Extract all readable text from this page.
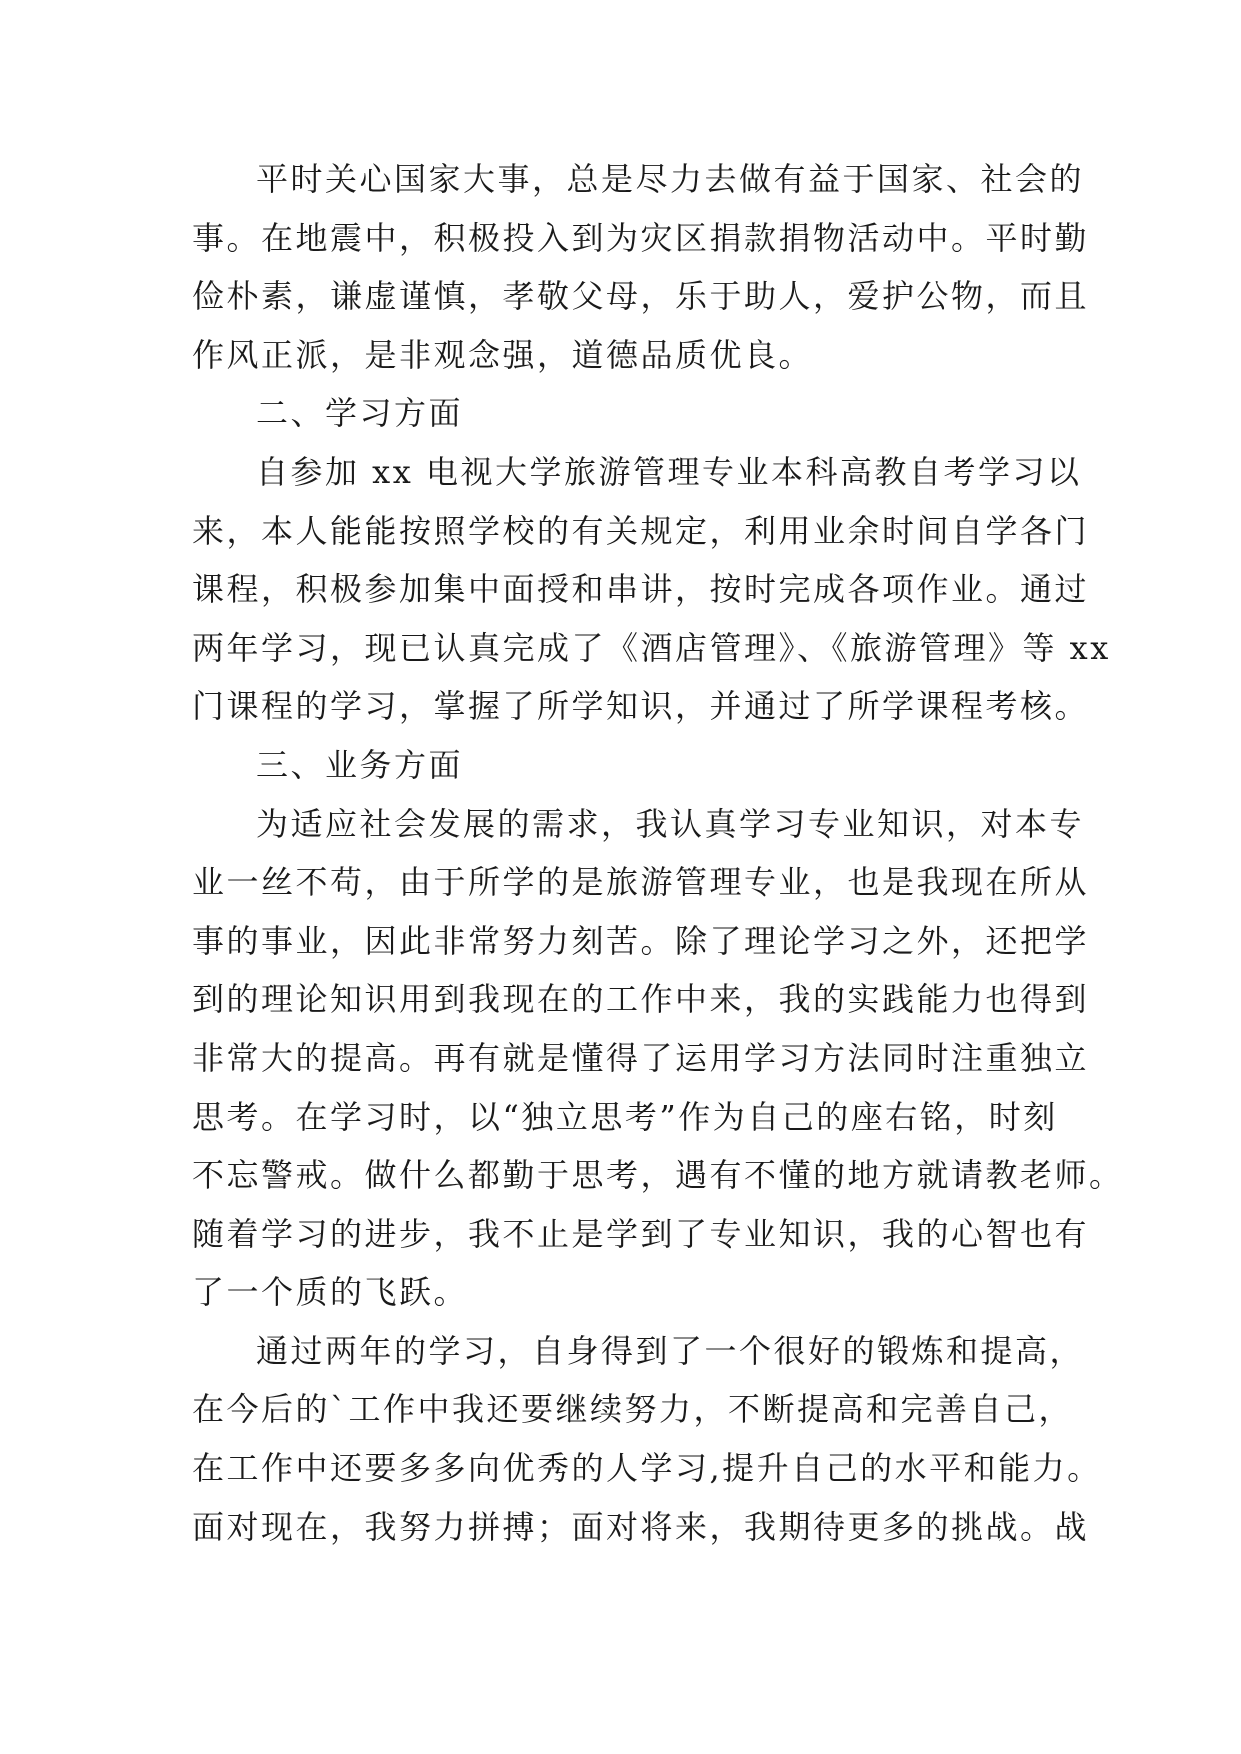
平时关心国家大事，总是尽力去做有益于国家、社会的
事。在地震中，积极投入到为灾区捐款捐物活动中。平时勤
俭朴素，谦虚谨慎，孝敬父母，乐于助人，爱护公物，而且
作风正派，是非观念强，道德品质优良。
二、学习方面
自参加 xx 电视大学旅游管理专业本科高教自考学习以
来，本人能能按照学校的有关规定，利用业余时间自学各门
课程，积极参加集中面授和串讲，按时完成各项作业。通过
两年学习，现已认真完成了《酒店管理》、《旅游管理》等 xx
门课程的学习，掌握了所学知识，并通过了所学课程考核。
三、业务方面
为适应社会发展的需求，我认真学习专业知识，对本专
业一丝不苟，由于所学的是旅游管理专业，也是我现在所从
事的事业，因此非常努力刻苦。除了理论学习之外，还把学
到的理论知识用到我现在的工作中来，我的实践能力也得到
非常大的提高。再有就是懂得了运用学习方法同时注重独立
思考。在学习时，以“独立思考”作为自己的座右铭，时刻
不忘警戒。做什么都勤于思考，遇有不懂的地方就请教老师。
随着学习的进步，我不止是学到了专业知识，我的心智也有
了一个质的飞跃。
通过两年的学习，自身得到了一个很好的锻炼和提高，
在今后的`工作中我还要继续努力，不断提高和完善自己，
在工作中还要多多向优秀的人学习,提升自己的水平和能力。
面对现在，我努力拼搏；面对将来，我期待更多的挑战。战
